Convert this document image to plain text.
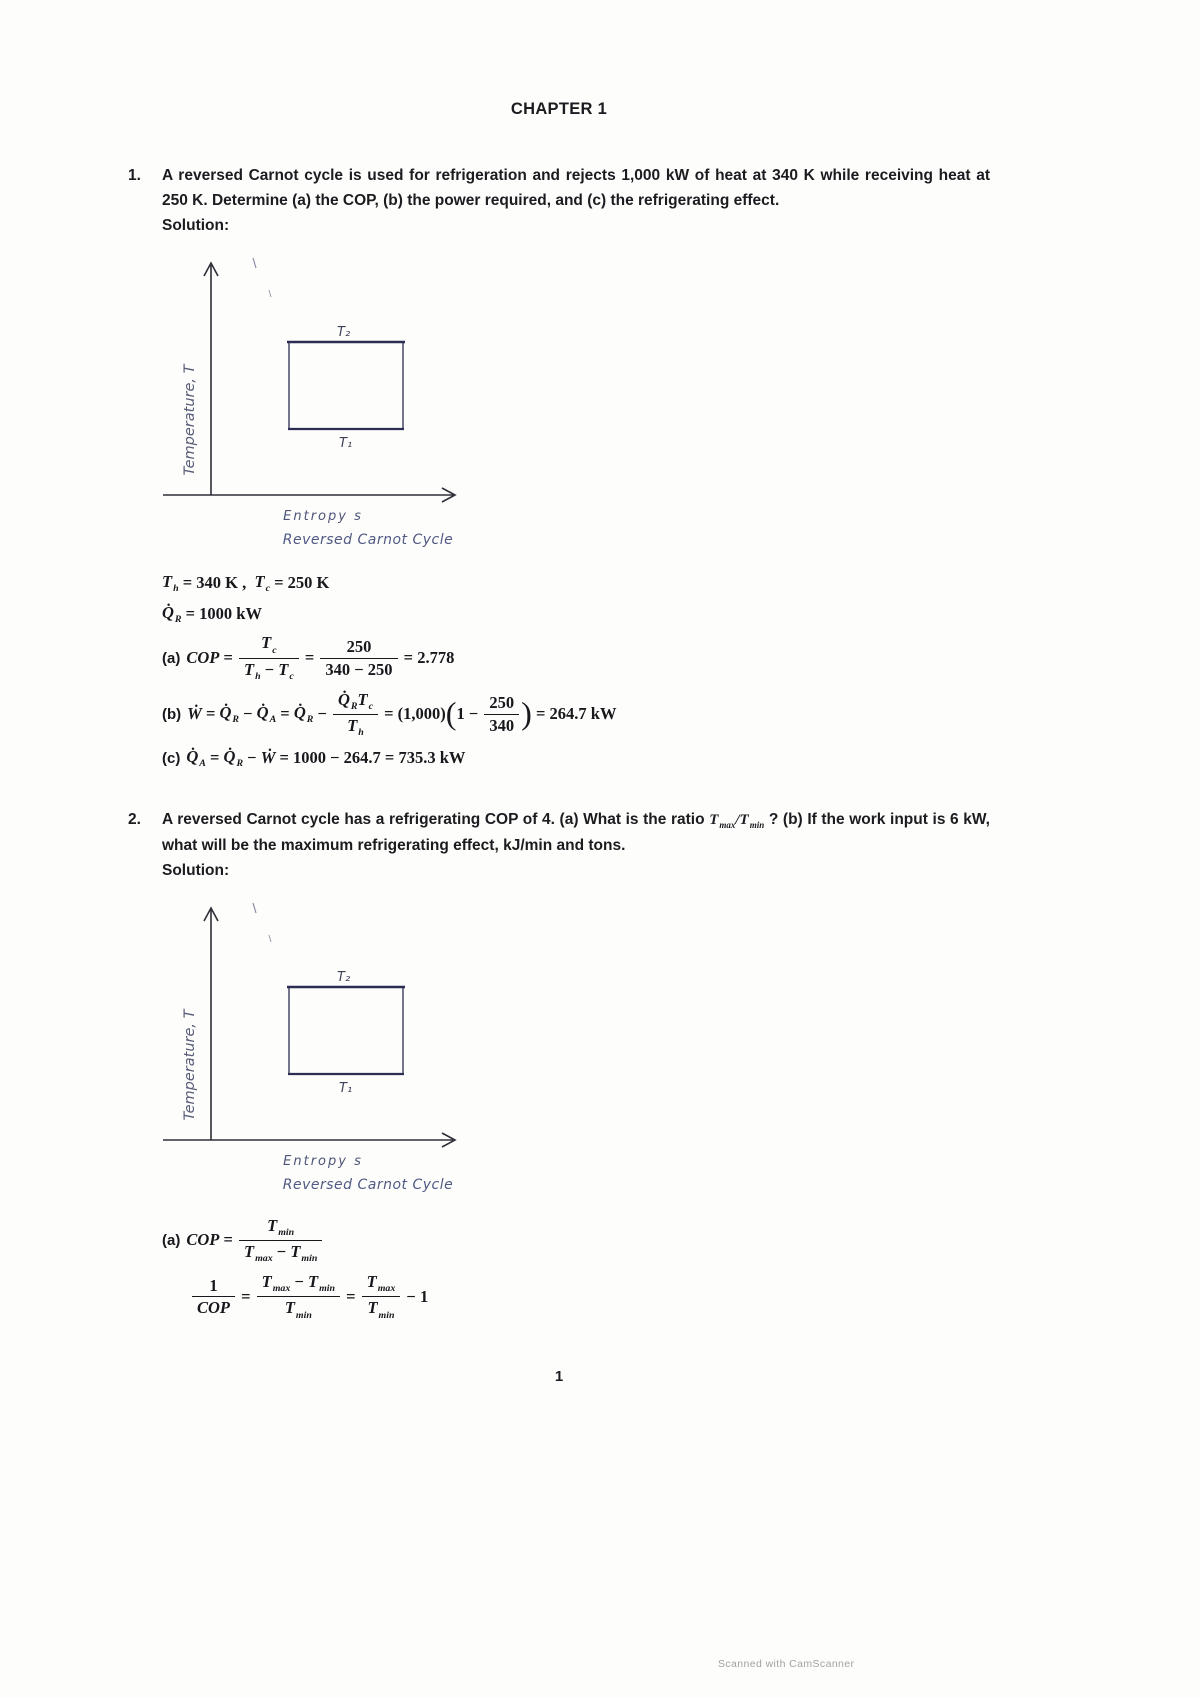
CHAPTER 1
1.	A reversed Carnot cycle is used for refrigeration and rejects 1,000 kW of heat at 340 K while receiving heat at 250 K. Determine (a) the COP, (b) the power required, and (c) the refrigerating effect.

Solution:

T₂
T₁
Temperature, T
Entropy s
Reversed Carnot Cycle
$T_h = 340$ K , $T_c = 250$ K
$Q̇_R = 1000$ kW
(a) COP = $\frac{T_c}{T_h - T_c} = \frac{250}{340 - 250} = 2.778$
(b) Ẇ = $Q̇_R$ − $Q̇_A$ = $Q̇_R$ −
$Q̇_RT_c$
$T_h$
= (1,000) ( $1 - \frac{250}{340}$ ) = 264.7 kW
(c) $Q̇_A$ = $Q̇_R$ − Ẇ = 1000 − 264.7 = 735.3 kW
2.	A reversed Carnot cycle has a refrigerating COP of 4. (a) What is the ratio $T_{max}/T_{min}$ ? (b) If the work input is 6 kW, what will be the maximum refrigerating effect, kJ/min and tons.

Solution:

T₂
T₁
Temperature, T
Entropy s
Reversed Carnot Cycle
(a) COP =
$T_{min}$
$T_{max} - T_{min}$
1
COP
=
$T_{max} - T_{min}$
$T_{min}$
=
$T_{max}$
$T_{min}$
− 1
1
Scanned with CamScanner
